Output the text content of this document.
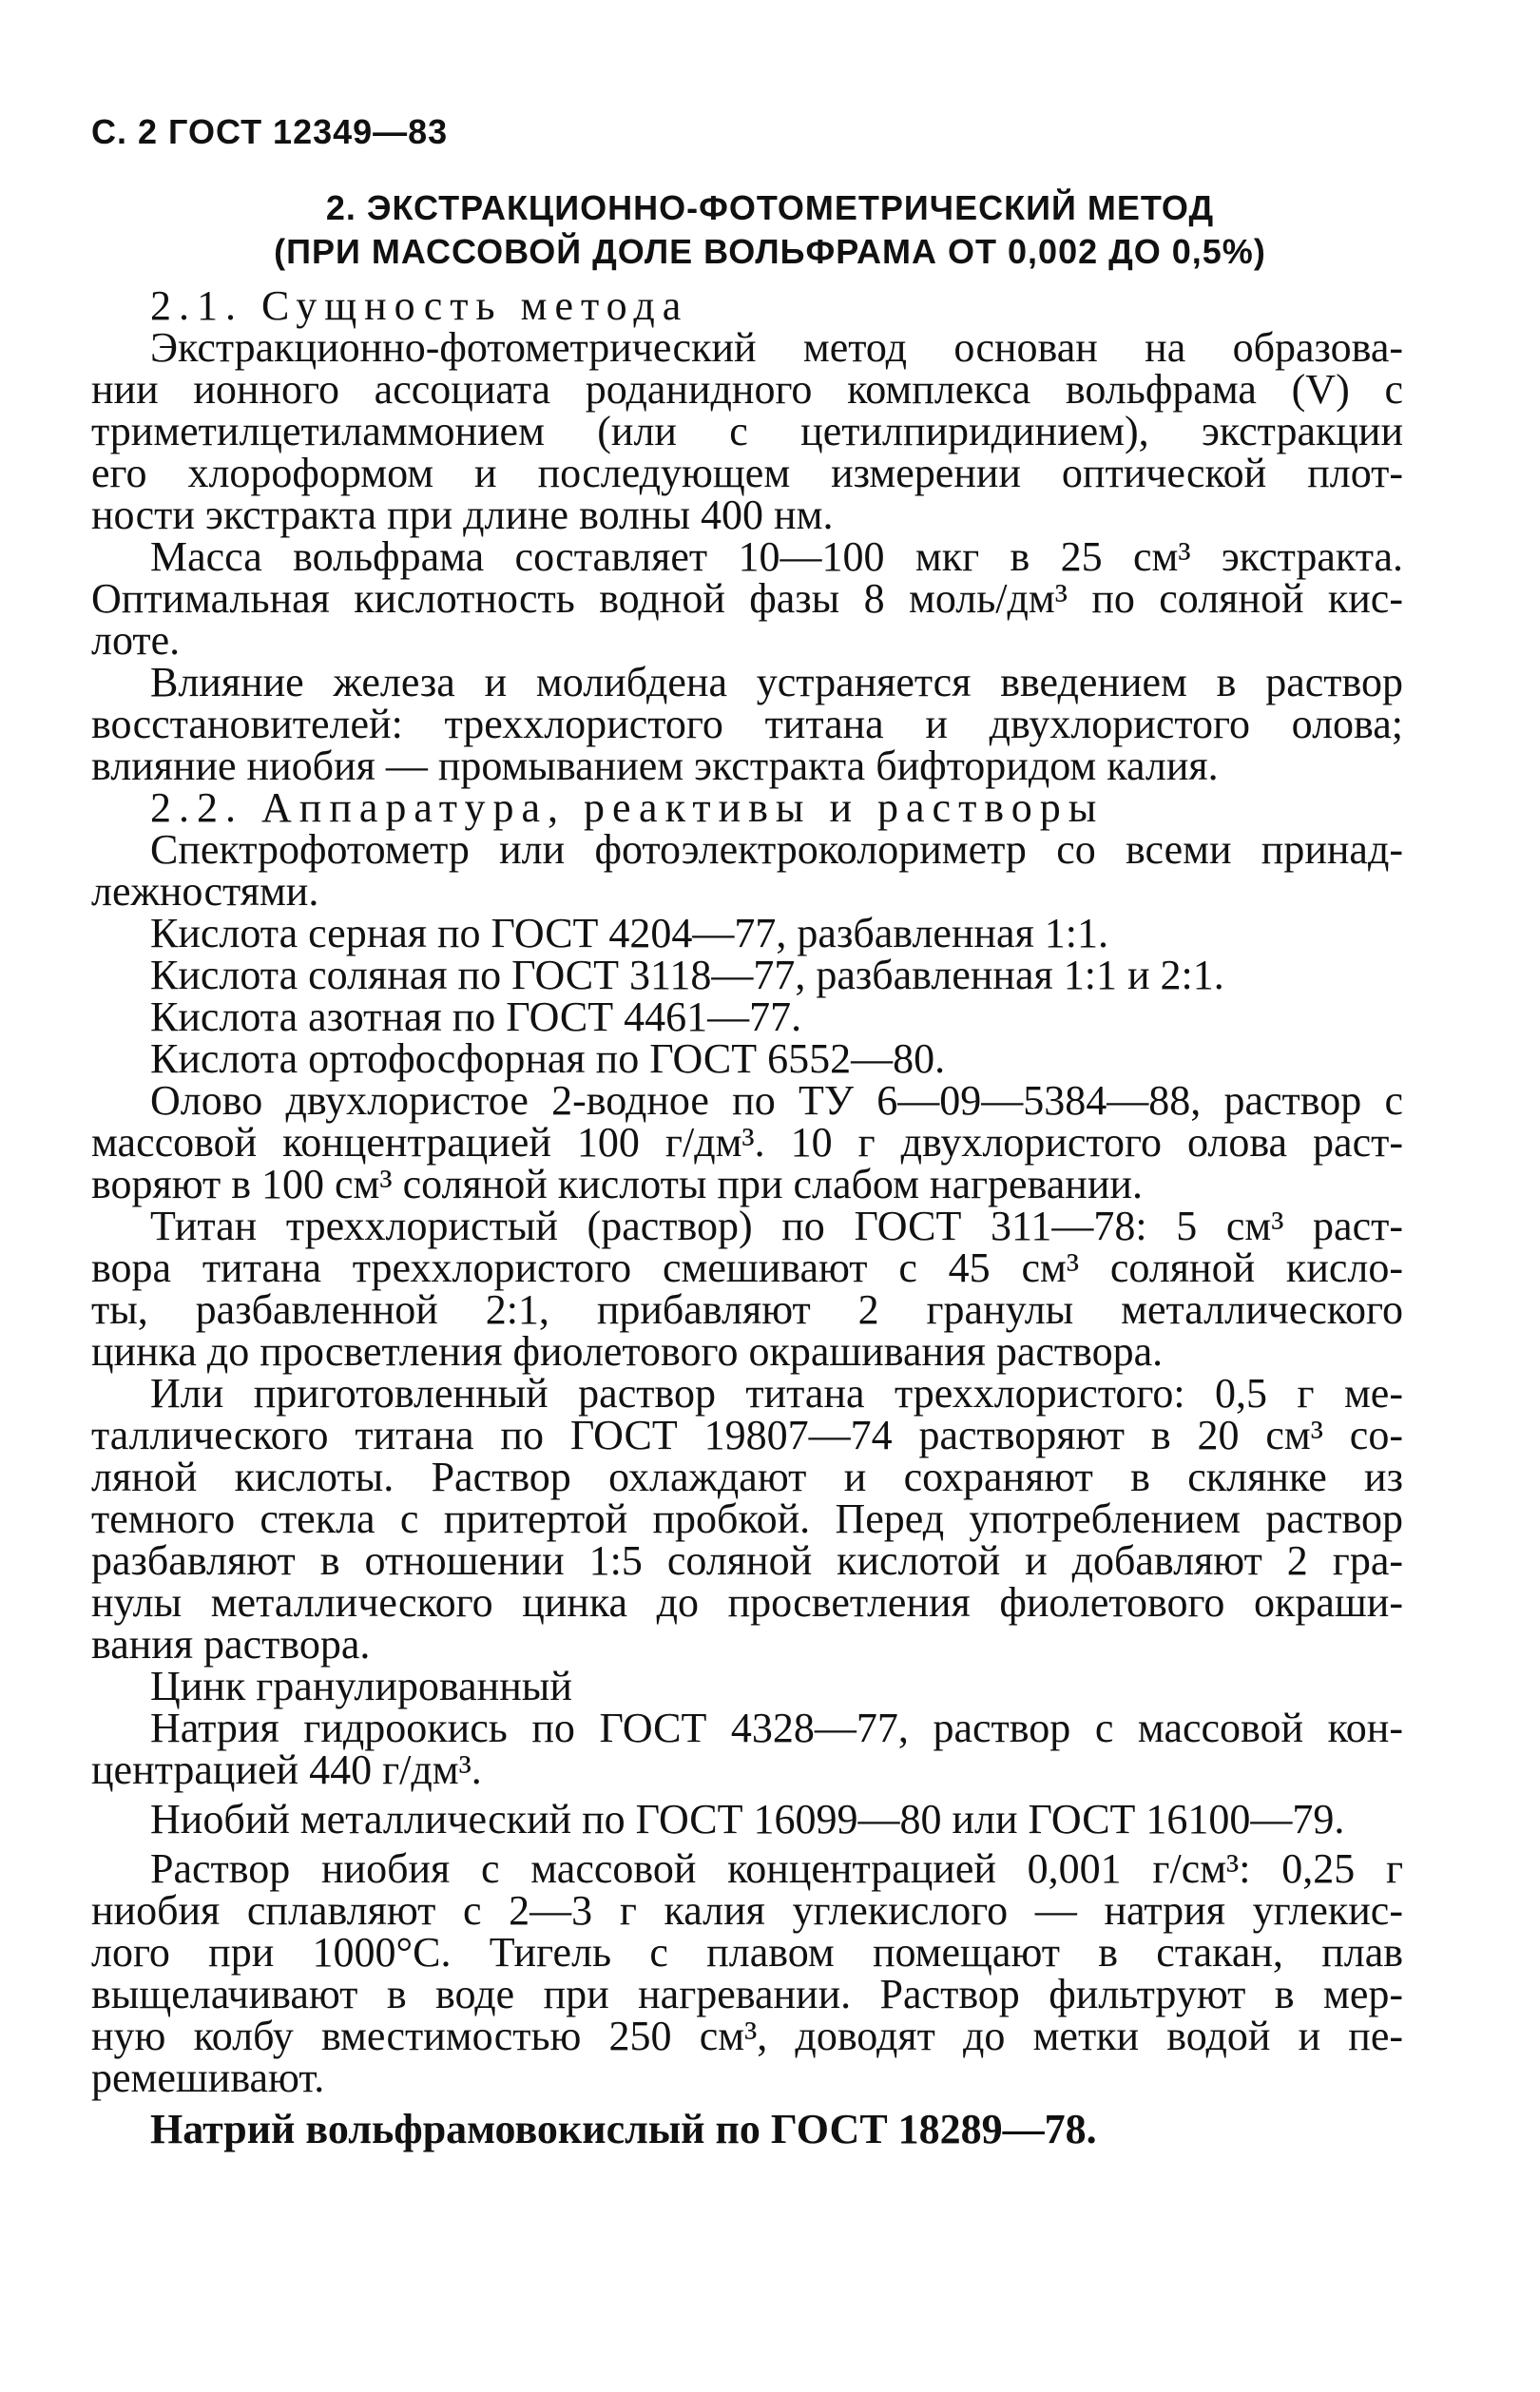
С. 2 ГОСТ 12349—83
2. ЭКСТРАКЦИОННО-ФОТОМЕТРИЧЕСКИЙ МЕТОД
(ПРИ МАССОВОЙ ДОЛЕ ВОЛЬФРАМА ОТ 0,002 ДО 0,5%)

2.1. Сущность метода

Экстракционно-фотометрический метод основан на образова-
нии ионного ассоциата роданидного комплекса вольфрама (V) с
триметилцетиламмонием (или с цетилпиридинием), экстракции
его хлороформом и последующем измерении оптической плот-
ности экстракта при длине волны 400 нм.
Масса вольфрама составляет 10—100 мкг в 25 см³ экстракта.
Оптимальная кислотность водной фазы 8 моль/дм³ по соляной кис-
лоте.
Влияние железа и молибдена устраняется введением в раствор
восстановителей: треххлористого титана и двухлористого олова;
влияние ниобия — промыванием экстракта бифторидом калия.

2.2. Аппаратура, реактивы и растворы

Спектрофотометр или фотоэлектроколориметр со всеми принад-
лежностями.
Кислота серная по ГОСТ 4204—77, разбавленная 1:1.
Кислота соляная по ГОСТ 3118—77, разбавленная 1:1 и 2:1.
Кислота азотная по ГОСТ 4461—77.
Кислота ортофосфорная по ГОСТ 6552—80.
Олово двухлористое 2-водное по ТУ 6—09—5384—88, раствор с
массовой концентрацией 100 г/дм³. 10 г двухлористого олова раст-
воряют в 100 см³ соляной кислоты при слабом нагревании.
Титан треххлористый (раствор) по ГОСТ 311—78: 5 см³ раст-
вора титана треххлористого смешивают с 45 см³ соляной кисло-
ты, разбавленной 2:1, прибавляют 2 гранулы металлического
цинка до просветления фиолетового окрашивания раствора.
Или приготовленный раствор титана треххлористого: 0,5 г ме-
таллического титана по ГОСТ 19807—74 растворяют в 20 см³ со-
ляной кислоты. Раствор охлаждают и сохраняют в склянке из
темного стекла с притертой пробкой. Перед употреблением раствор
разбавляют в отношении 1:5 соляной кислотой и добавляют 2 гра-
нулы металлического цинка до просветления фиолетового окраши-
вания раствора.
Цинк гранулированный
Натрия гидроокись по ГОСТ 4328—77, раствор с массовой кон-
центрацией 440 г/дм³.
Ниобий металлический по ГОСТ 16099—80 или ГОСТ 16100—79.
Раствор ниобия с массовой концентрацией 0,001 г/см³: 0,25 г
ниобия сплавляют с 2—3 г калия углекислого — натрия углекис-
лого при 1000°С. Тигель с плавом помещают в стакан, плав
выщелачивают в воде при нагревании. Раствор фильтруют в мер-
ную колбу вместимостью 250 см³, доводят до метки водой и пе-
ремешивают.
Натрий вольфрамовокислый по ГОСТ 18289—78.
